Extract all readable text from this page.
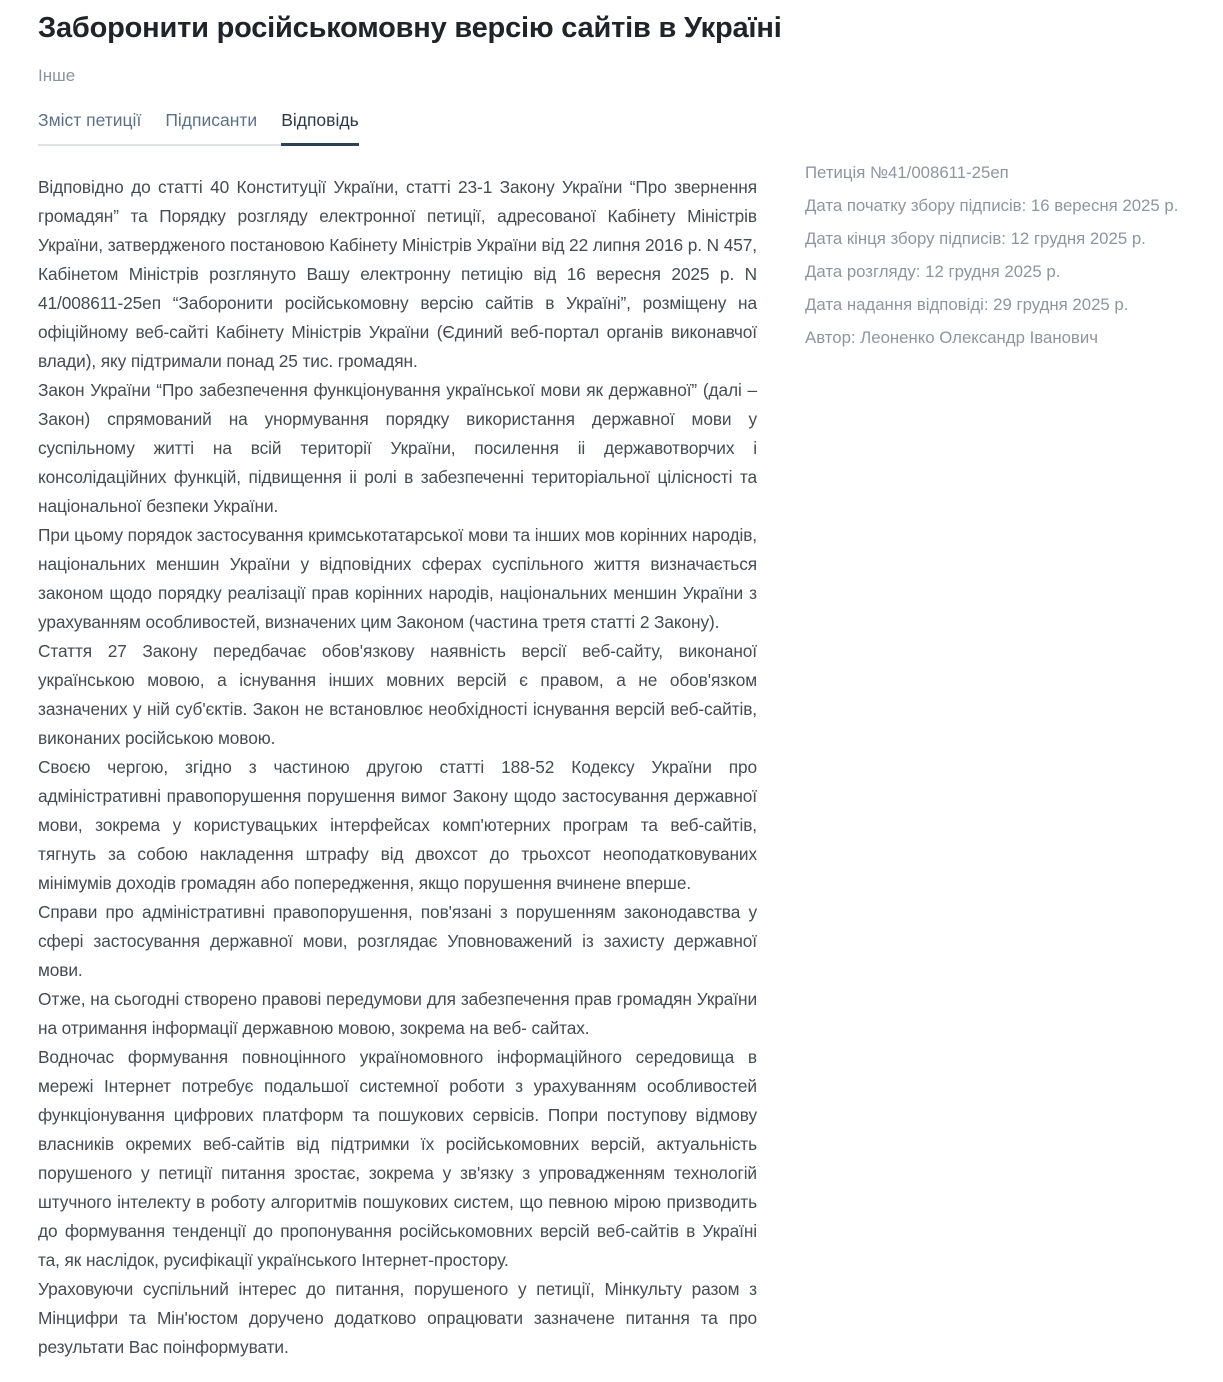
Заборонити російськомовну версію сайтів в Україні
Інше
Зміст петиції Підписанти Відповідь

Відповідно до статті 40 Конституції України, статті 23-1 Закону України “Про звернення громадян” та Порядку розгляду електронної петиції, адресованої Кабінету Міністрів України, затвердженого постановою Кабінету Міністрів України від 22 липня 2016 р. N 457, Кабінетом Міністрів розглянуто Вашу електронну петицію від 16 вересня 2025 р. N 41/008611-25еп “Заборонити російськомовну версію сайтів в Україні”, розміщену на офіційному веб-сайті Кабінету Міністрів України (Єдиний веб-портал органів виконавчої влади), яку підтримали понад 25 тис. громадян.

Закон України “Про забезпечення функціонування української мови як державної” (далі – Закон) спрямований на унормування порядку використання державної мови у суспільному житті на всій території України, посилення іі державотворчих і консолідаційних функцій, підвищення іі ролі в забезпеченні територіальної цілісності та національної безпеки України.

При цьому порядок застосування кримськотатарської мови та інших мов корінних народів, національних меншин України у відповідних сферах суспільного життя визначається законом щодо порядку реалізації прав корінних народів, національних меншин України з урахуванням особливостей, визначених цим Законом (частина третя статті 2 Закону).

Стаття 27 Закону передбачає обов'язкову наявність версії веб-сайту, виконаної українською мовою, а існування інших мовних версій є правом, а не обов'язком зазначених у ній суб'єктів. Закон не встановлює необхідності існування версій веб-сайтів, виконаних російською мовою.

Своєю чергою, згідно з частиною другою статті 188-52 Кодексу України про адміністративні правопорушення порушення вимог Закону щодо застосування державної мови, зокрема у користувацьких інтерфейсах комп'ютерних програм та веб-сайтів, тягнуть за собою накладення штрафу від двохсот до трьохсот неоподатковуваних мінімумів доходів громадян або попередження, якщо порушення вчинене вперше.

Справи про адміністративні правопорушення, пов'язані з порушенням законодавства у сфері застосування державної мови, розглядає Уповноважений із захисту державної мови.

Отже, на сьогодні створено правові передумови для забезпечення прав громадян України на отримання інформації державною мовою, зокрема на веб- сайтах.

Водночас формування повноцінного україномовного інформаційного середовища в мережі Інтернет потребує подальшої системної роботи з урахуванням особливостей функціонування цифрових платформ та пошукових сервісів. Попри поступову відмову власників окремих веб-сайтів від підтримки їх російськомовних версій, актуальність порушеного у петиції питання зростає, зокрема у зв'язку з упровадженням технологій штучного інтелекту в роботу алгоритмів пошукових систем, що певною мірою призводить до формування тенденції до пропонування російськомовних версій веб-сайтів в Україні та, як наслідок, русифікації українського Інтернет-простору.

Ураховуючи суспільний інтерес до питання, порушеного у петиції, Мінкульту разом з Мінцифри та Мін'юстом доручено додатково опрацювати зазначене питання та про результати Вас поінформувати.

Петиція №41/008611-25еп
Дата початку збору підписів: 16 вересня 2025 р.
Дата кінця збору підписів: 12 грудня 2025 р.
Дата розгляду: 12 грудня 2025 р.
Дата надання відповіді: 29 грудня 2025 р.
Автор: Леоненко Олександр Іванович
